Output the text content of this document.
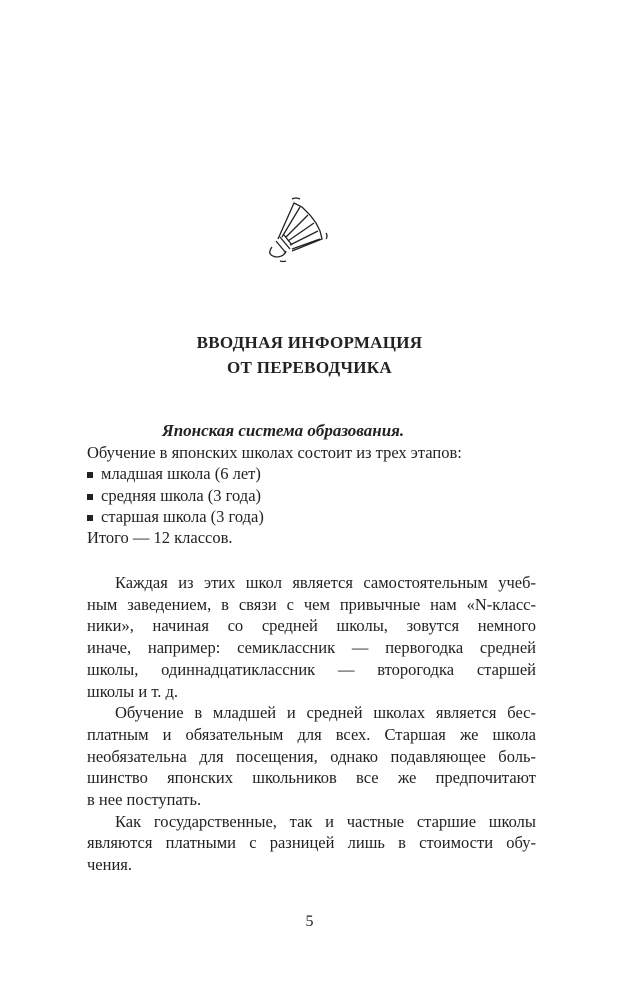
ВВОДНАЯ ИНФОРМАЦИЯ
ОТ ПЕРЕВОДЧИКА
Японская система образования.
Обучение в японских школах состоит из трех этапов:
младшая школа (6 лет)
средняя школа (3 года)
старшая школа (3 года)
Итого — 12 классов.
Каждая из этих школ является самостоятельным учеб-
ным заведением, в связи с чем привычные нам «N-класс-
ники», начиная со средней школы, зовутся немного
иначе, например: семиклассник — первогодка средней
школы, одиннадцатиклассник — второгодка старшей
школы и т. д.
Обучение в младшей и средней школах является бес-
платным и обязательным для всех. Старшая же школа
необязательна для посещения, однако подавляющее боль-
шинство японских школьников все же предпочитают
в нее поступать.
Как государственные, так и частные старшие школы
являются платными с разницей лишь в стоимости обу-
чения.
5
